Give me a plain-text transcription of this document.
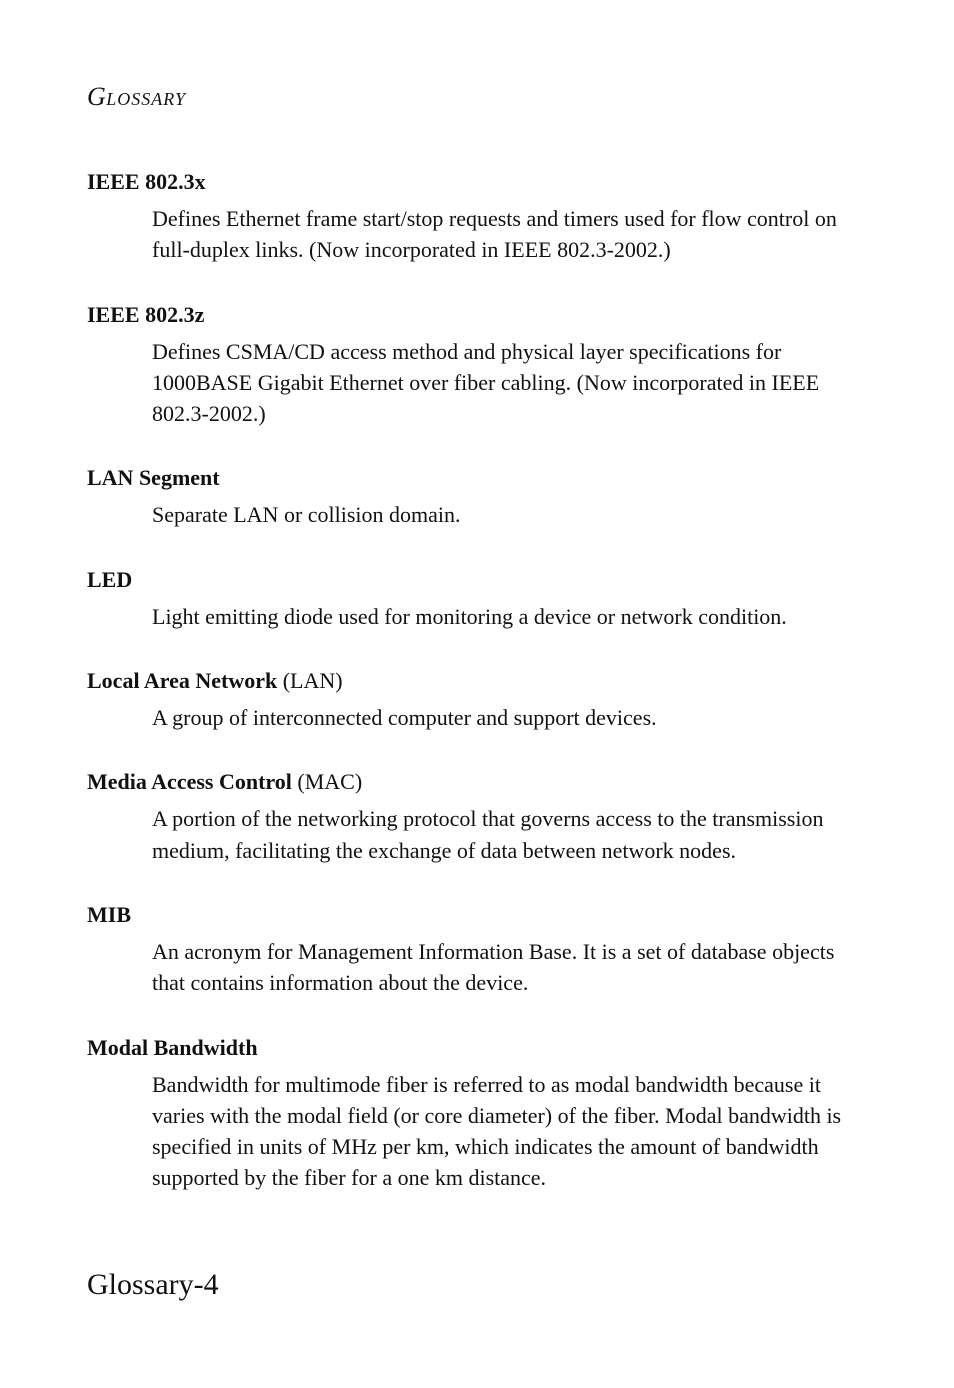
GLOSSARY
IEEE 802.3x
Defines Ethernet frame start/stop requests and timers used for flow control on full-duplex links. (Now incorporated in IEEE 802.3-2002.)
IEEE 802.3z
Defines CSMA/CD access method and physical layer specifications for 1000BASE Gigabit Ethernet over fiber cabling. (Now incorporated in IEEE 802.3-2002.)
LAN Segment
Separate LAN or collision domain.
LED
Light emitting diode used for monitoring a device or network condition.
Local Area Network (LAN)
A group of interconnected computer and support devices.
Media Access Control (MAC)
A portion of the networking protocol that governs access to the transmission medium, facilitating the exchange of data between network nodes.
MIB
An acronym for Management Information Base. It is a set of database objects that contains information about the device.
Modal Bandwidth
Bandwidth for multimode fiber is referred to as modal bandwidth because it varies with the modal field (or core diameter) of the fiber. Modal bandwidth is specified in units of MHz per km, which indicates the amount of bandwidth supported by the fiber for a one km distance.
Glossary-4
